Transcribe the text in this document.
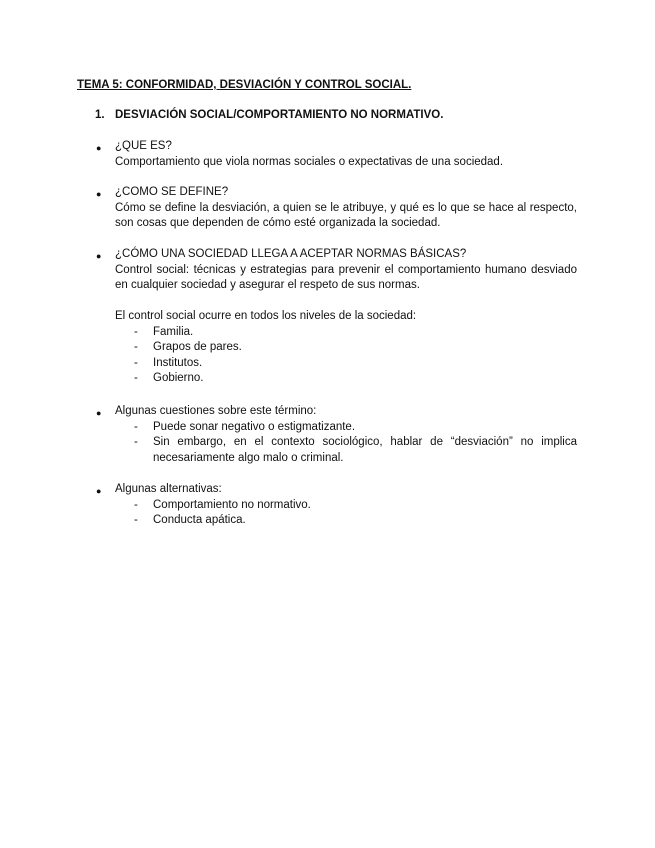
TEMA 5: CONFORMIDAD, DESVIACIÓN Y CONTROL SOCIAL.
1. DESVIACIÓN SOCIAL/COMPORTAMIENTO NO NORMATIVO.
● ¿QUE ES?

Comportamiento que viola normas sociales o expectativas de una sociedad.

● ¿COMO SE DEFINE?

Cómo se define la desviación, a quien se le atribuye, y qué es lo que se hace al respecto, son cosas que dependen de cómo esté organizada la sociedad.

● ¿CÓMO UNA SOCIEDAD LLEGA A ACEPTAR NORMAS BÁSICAS?

Control social: técnicas y estrategias para prevenir el comportamiento humano desviado en cualquier sociedad y asegurar el respeto de sus normas.

El control social ocurre en todos los niveles de la sociedad:

- Familia.
- Grapos de pares.
- Institutos.
- Gobierno.
● Algunas cuestiones sobre este término:

- Puede sonar negativo o estigmatizante.
- Sin embargo, en el contexto sociológico, hablar de “desviación” no implica necesariamente algo malo o criminal.
● Algunas alternativas:

- Comportamiento no normativo.
- Conducta apática.
